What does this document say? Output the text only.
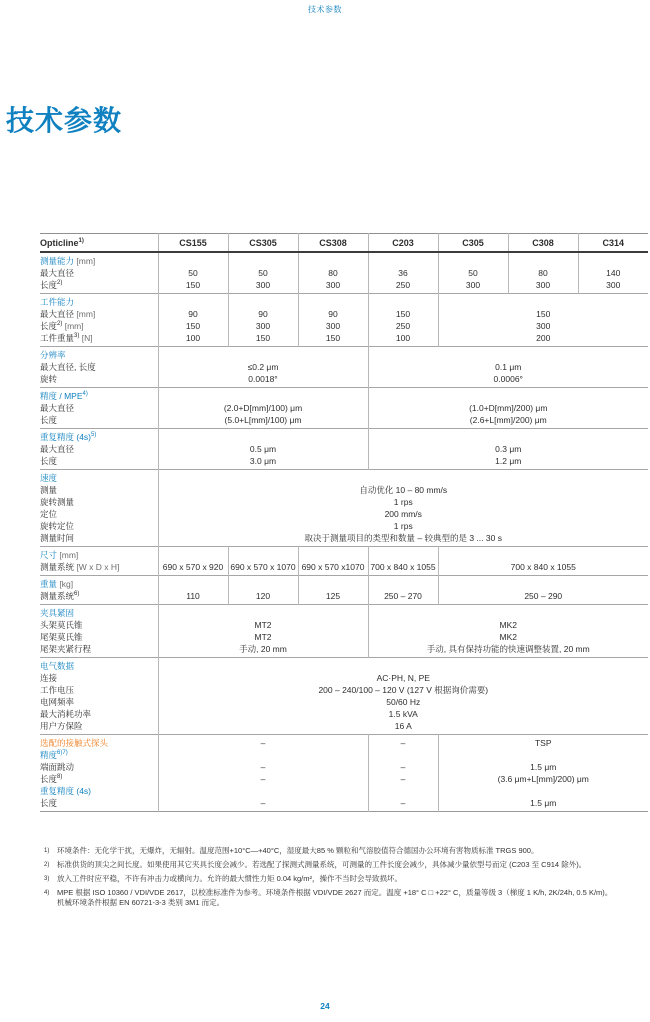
技术参数
技术参数
Opticline$^{1)}$	CS155	CS305	CS308	C203	C305	C308	C314
测量能力 [mm]							
最大直径	50	50	80	36	50	80	140
长度$^{2)}$	150	300	300	250	300	300	300
工件能力							
最大直径 [mm]	90	90	90	150	150		
长度$^{2)}$ [mm]	150	300	300	250	300		
工件重量$^{3)}$ [N]	100	150	150	100	200		
分辨率							
最大直径, 长度	≤0.2 μm			0.1 μm			
旋转	0.0018°			0.0006°			
精度 / MPE$^{4)}$		
最大直径	(2.0+D[mm]/100) μm			(1.0+D[mm]/200) μm			
长度	(5.0+L[mm]/100) μm			(2.6+L[mm]/200) μm			
重复精度 (4s)$^{5)}$		
最大直径	0.5 μm			0.3 μm			
长度	3.0 μm			1.2 μm			
速度							
测量	自动优化 10 – 80 mm/s						
旋转测量	1 rps						
定位	200 mm/s						
旋转定位	1 rps						
测量时间	取决于测量项目的类型和数量 – 较典型的是 3 ... 30 s						
尺寸 [mm]							
测量系统 [W x D x H]	690 x 570 x 920	690 x 570 x 1070	690 x 570 x1070	700 x 840 x 1055	700 x 840 x 1055		
重量 [kg]							
测量系统$^{6)}$	110	120	125	250 – 270	250 – 290		
夹具紧固							
头架莫氏锥	MT2			MK2			
尾架莫氏锥	MT2			MK2			
尾架夹紧行程	手动, 20 mm			手动, 具有保持功能的快速调整装置, 20 mm			
电气数据							
连接	AC·PH, N, PE						
工作电压	200 – 240/100 – 120 V (127 V 根据询价需要)						
电网频率	50/60 Hz						
最大消耗功率	1.5 kVA						
用户方保险	16 A						
选配的接触式探头	–			–	TSP		
精度$^{6)7)}$			
端面跳动	–			–	1.5 μm		
长度$^{8)}$	–			–	(3.6 μm+L[mm]/200) μm		
重复精度 (4s)							
长度	–			–	1.5 μm		
1)	环境条件：无化学干扰，无爆炸，无辐射。温度范围+10°C—+40°C，湿度最大85 % 颗粒和气溶胶值符合德国办公环境有害物质标准 TRGS 900。
2)	标准供货的顶尖之间长度。如果使用其它夹具长度会减少。若选配了探测式测量系统，可测量的工件长度会减少，具体减少量依型号而定 (C203 至 C914 除外)。
3)	放入工件时应平稳，不许有冲击力或横向力。允许的最大惯性力矩 0.04 kg/m²，操作不当时会导致损坏。
4)	MPE 根据 ISO 10360 / VDI/VDE 2617，以校准标准件为参考。环境条件根据 VDI/VDE 2627 而定。温度 +18° C □ +22° C，质量等级 3（梯度 1 K/h, 2K/24h, 0.5 K/m)。
机械环境条件根据 EN 60721-3-3 类别 3M1 而定。
24
